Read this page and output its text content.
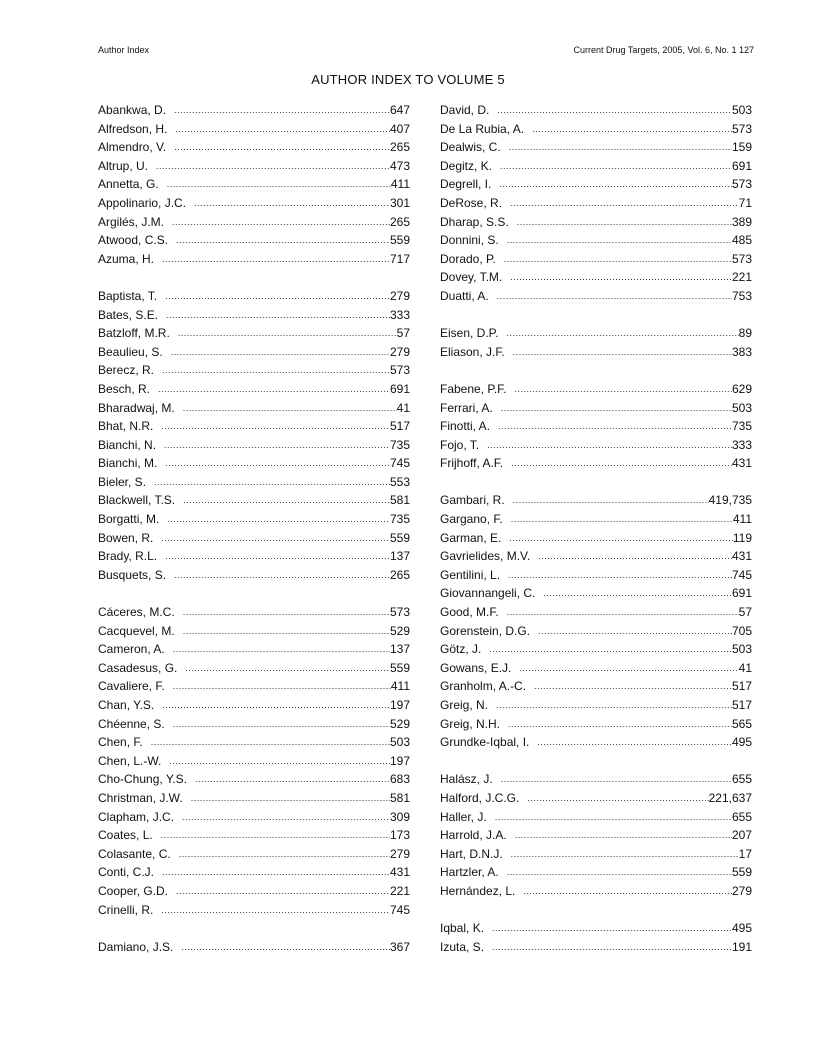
Author Index	Current Drug Targets, 2005, Vol. 6, No. 1 127
AUTHOR INDEX TO VOLUME 5
Abankwa, D. .....	647
Alfredson, H. .....	407
Almendro, V. .....	265
Altrup, U. .....	473
Annetta, G. .....	411
Appolinario, J.C. .....	301
Argilés, J.M. .....	265
Atwood, C.S. .....	559
Azuma, H. .....	717
Baptista, T. .....	279
Bates, S.E. .....	333
Batzloff, M.R. .....	57
Beaulieu, S. .....	279
Berecz, R. .....	573
Besch, R. .....	691
Bharadwaj, M. .....	41
Bhat, N.R. .....	517
Bianchi, N. .....	735
Bianchi, M. .....	745
Bieler, S. .....	553
Blackwell, T.S. .....	581
Borgatti, M. .....	735
Bowen, R. .....	559
Brady, R.L. .....	137
Busquets, S. .....	265
Cáceres, M.C. .....	573
Cacquevel, M. .....	529
Cameron, A. .....	137
Casadesus, G. .....	559
Cavaliere, F. .....	411
Chan, Y.S. .....	197
Chéenne, S. .....	529
Chen, F. .....	503
Chen, L.-W. .....	197
Cho-Chung, Y.S. .....	683
Christman, J.W. .....	581
Clapham, J.C. .....	309
Coates, L. .....	173
Colasante, C. .....	279
Conti, C.J. .....	431
Cooper, G.D. .....	221
Crinelli, R. .....	745
Damiano, J.S. .....	367
David, D. .....	503
De La Rubia, A. .....	573
Dealwis, C. .....	159
Degitz, K. .....	691
Degrell, I. .....	573
DeRose, R. .....	71
Dharap, S.S. .....	389
Donnini, S. .....	485
Dorado, P. .....	573
Dovey, T.M. .....	221
Duatti, A. .....	753
Eisen, D.P. .....	89
Eliason, J.F. .....	383
Fabene, P.F. .....	629
Ferrari, A. .....	503
Finotti, A. .....	735
Fojo, T. .....	333
Frijhoff, A.F. .....	431
Gambari, R. .....	419,735
Gargano, F. .....	411
Garman, E. .....	119
Gavrielides, M.V. .....	431
Gentilini, L. .....	745
Giovannangeli, C. .....	691
Good, M.F. .....	57
Gorenstein, D.G. .....	705
Götz, J. .....	503
Gowans, E.J. .....	41
Granholm, A.-C. .....	517
Greig, N. .....	517
Greig, N.H. .....	565
Grundke-Iqbal, I. .....	495
Halász, J. .....	655
Halford, J.C.G. .....	221,637
Haller, J. .....	655
Harrold, J.A. .....	207
Hart, D.N.J. .....	17
Hartzler, A. .....	559
Hernández, L. .....	279
Iqbal, K. .....	495
Izuta, S. .....	191
